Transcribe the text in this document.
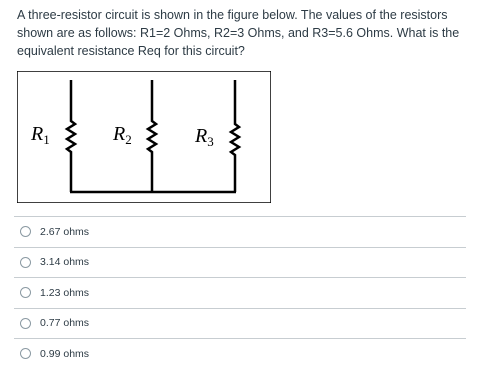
A three-resistor circuit is shown in the figure below. The values of the resistors shown are as follows: R1=2 Ohms, R2=3 Ohms, and R3=5.6 Ohms. What is the equivalent resistance Req for this circuit?
$R_1$	$R_2$	$R_3$
2.67 ohms
3.14 ohms
1.23 ohms
0.77 ohms
0.99 ohms
